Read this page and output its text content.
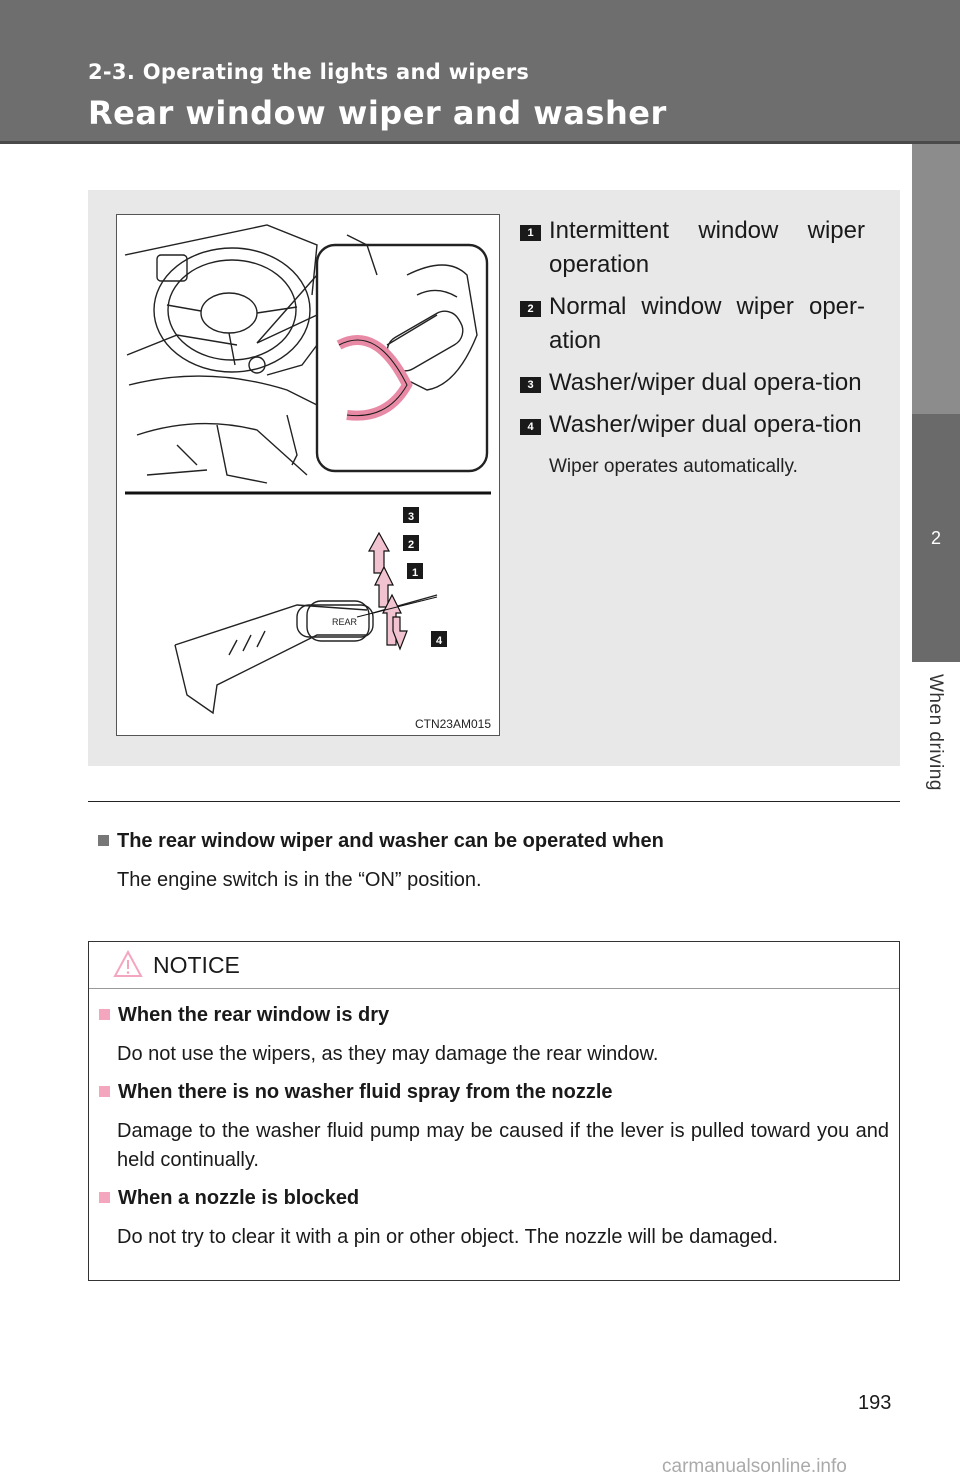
2-3. Operating the lights and wipers
Rear window wiper and washer
2
When driving
REAR
3
2
1
4
CTN23AM015
1 Intermittent window wiper operation
2 Normal window wiper oper-ation
3 Washer/wiper dual opera-tion
4 Washer/wiper dual opera-tion
Wiper operates automatically.
The rear window wiper and washer can be operated when
The engine switch is in the “ON” position.
NOTICE
When the rear window is dry
Do not use the wipers, as they may damage the rear window.
When there is no washer fluid spray from the nozzle
Damage to the washer fluid pump may be caused if the lever is pulled toward you and held continually.
When a nozzle is blocked
Do not try to clear it with a pin or other object. The nozzle will be damaged.
193
carmanualsonline.info
